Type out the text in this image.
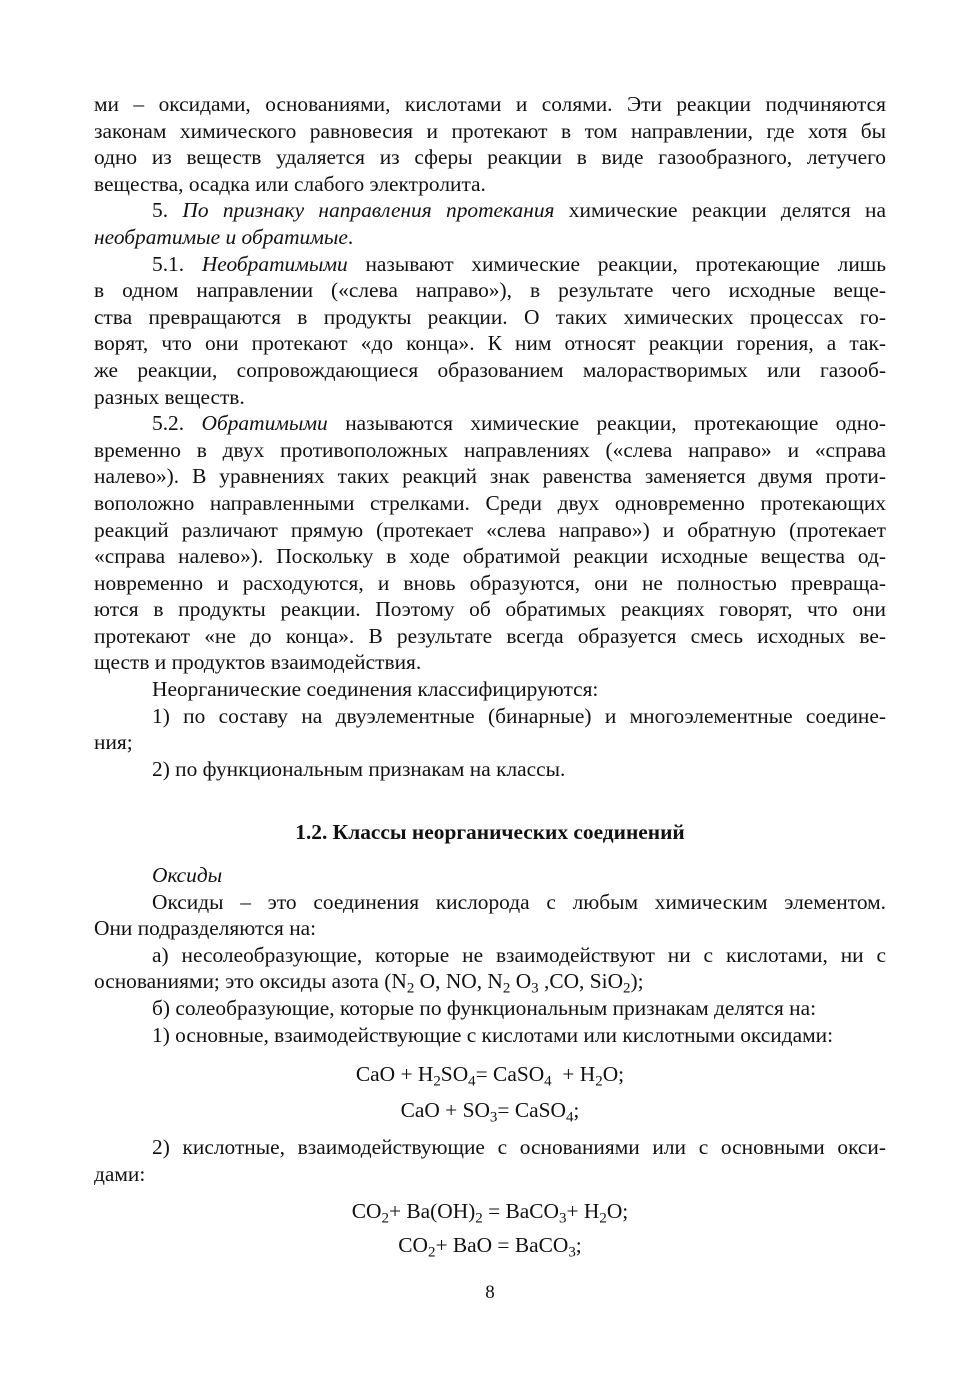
ми – оксидами, основаниями, кислотами и солями. Эти реакции подчиняются

законам химического равновесия и протекают в том направлении, где хотя бы

одно из веществ удаляется из сферы реакции в виде газообразного, летучего

вещества, осадка или слабого электролита.

5. По признаку направления протекания химические реакции делятся на

необратимые и обратимые.

5.1. Необратимыми называют химические реакции, протекающие лишь

в одном направлении («слева направо»), в результате чего исходные веще-

ства превращаются в продукты реакции. О таких химических процессах го-

ворят, что они протекают «до конца». К ним относят реакции горения, а так-

же реакции, сопровождающиеся образованием малорастворимых или газооб-

разных веществ.

5.2. Обратимыми называются химические реакции, протекающие одно-

временно в двух противоположных направлениях («слева направо» и «справа

налево»). В уравнениях таких реакций знак равенства заменяется двумя проти-

воположно направленными стрелками. Среди двух одновременно протекающих

реакций различают прямую (протекает «слева направо») и обратную (протекает

«справа налево»). Поскольку в ходе обратимой реакции исходные вещества од-

новременно и расходуются, и вновь образуются, они не полностью превраща-

ются в продукты реакции. Поэтому об обратимых реакциях говорят, что они

протекают «не до конца». В результате всегда образуется смесь исходных ве-

ществ и продуктов взаимодействия.

Неорганические соединения классифицируются:

1) по составу на двуэлементные (бинарные) и многоэлементные соедине-

ния;

2) по функциональным признакам на классы.

1.2. Классы неорганических соединений

Оксиды

Оксиды – это соединения кислорода с любым химическим элементом.

Они подразделяются на:

а) несолеобразующие, которые не взаимодействуют ни с кислотами, ни с

основаниями; это оксиды азота ($N_2$ O, NO, $N_2$ $O_3$ ,CO, SiO$_2$);

б) солеобразующие, которые по функциональным признакам делятся на:

1) основные, взаимодействующие с кислотами или кислотными оксидами:

CaO + $H_2SO_4=$ CaSO$_4$  + $H_2O$;

CaO + $SO_3=$ CaSO$_4$;

2) кислотные, взаимодействующие с основаниями или с основными окси-

дами:

$CO_2+ Ba(OH)_2$ = BaCO$_3$+ $H_2O$;

$CO_2+$ BaO = BaCO$_3$;

8
